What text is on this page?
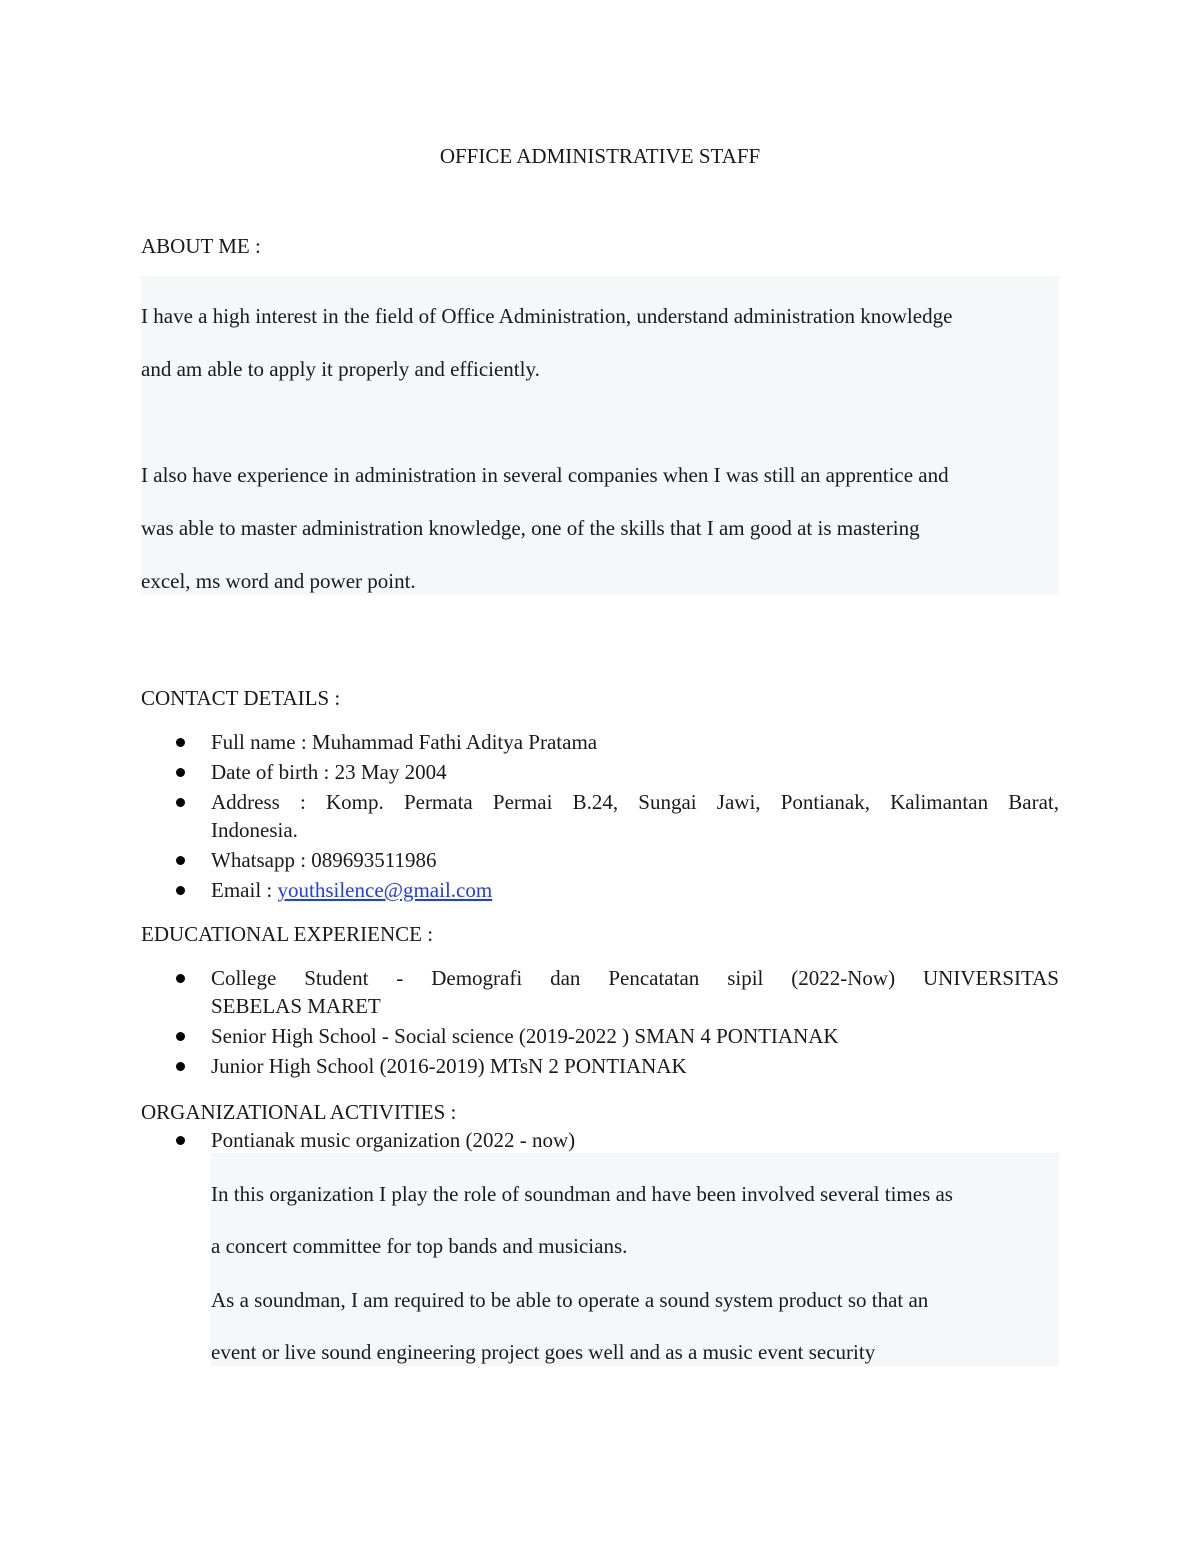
OFFICE ADMINISTRATIVE STAFF
ABOUT ME :
I have a high interest in the field of Office Administration, understand administration knowledge
and am able to apply it properly and efficiently.
I also have experience in administration in several companies when I was still an apprentice and
was able to master administration knowledge, one of the skills that I am good at is mastering
excel, ms word and power point.
CONTACT DETAILS :
Full name : Muhammad Fathi Aditya Pratama
Date of birth : 23 May 2004
Address : Komp. Permata Permai B.24, Sungai Jawi, Pontianak, Kalimantan Barat,
Indonesia.
Whatsapp : 089693511986
Email : youthsilence@gmail.com
EDUCATIONAL EXPERIENCE :
College Student - Demografi dan Pencatatan sipil (2022-Now) UNIVERSITAS
SEBELAS MARET
Senior High School - Social science (2019-2022 ) SMAN 4 PONTIANAK
Junior High School (2016-2019) MTsN 2 PONTIANAK
ORGANIZATIONAL ACTIVITIES :
Pontianak music organization (2022 - now)
In this organization I play the role of soundman and have been involved several times as
a concert committee for top bands and musicians.
As a soundman, I am required to be able to operate a sound system product so that an
event or live sound engineering project goes well and as a music event security
